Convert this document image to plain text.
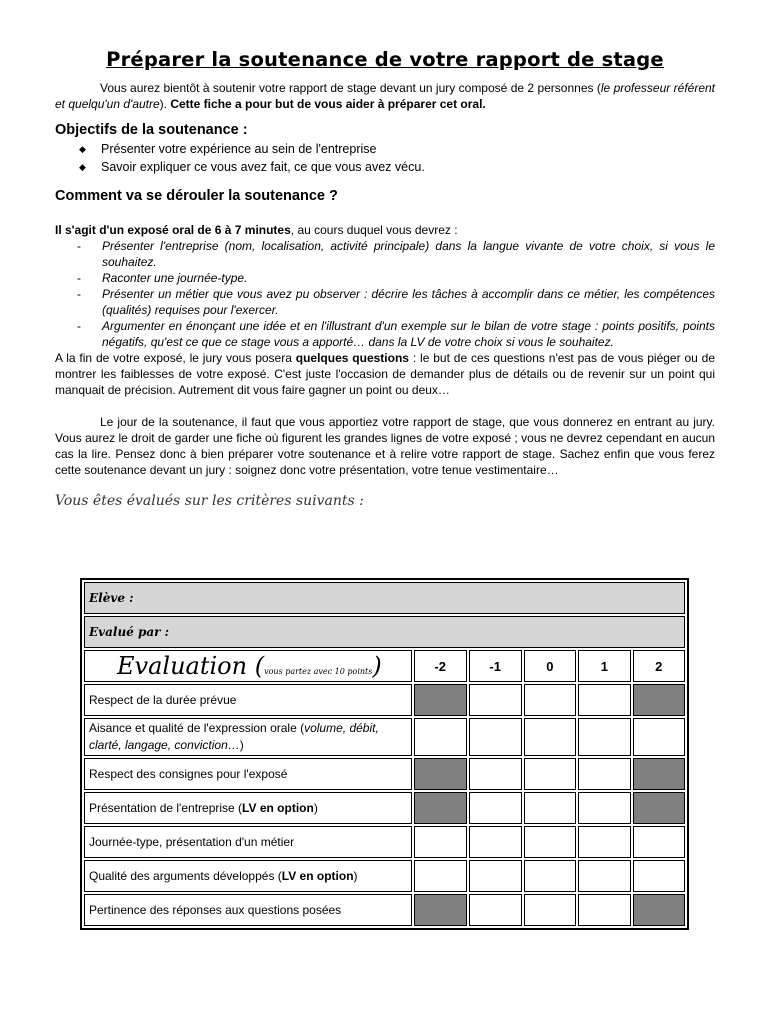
Préparer la soutenance de votre rapport de stage

Vous aurez bientôt à soutenir votre rapport de stage devant un jury composé de 2 personnes (le professeur référent et quelqu'un d'autre). Cette fiche a pour but de vous aider à préparer cet oral.

Objectifs de la soutenance :
◆ Présenter votre expérience au sein de l'entreprise
◆ Savoir expliquer ce vous avez fait, ce que vous avez vécu.
Comment va se dérouler la soutenance ?

Il s'agit d'un exposé oral de 6 à 7 minutes, au cours duquel vous devrez :

- Présenter l'entreprise (nom, localisation, activité principale) dans la langue vivante de votre choix, si vous le souhaitez.
- Raconter une journée-type.
- Présenter un métier que vous avez pu observer : décrire les tâches à accomplir dans ce métier, les compétences (qualités) requises pour l'exercer.
- Argumenter en énonçant une idée et en l'illustrant d'un exemple sur le bilan de votre stage : points positifs, points négatifs, qu'est ce que ce stage vous a apporté… dans la LV de votre choix si vous le souhaitez.

A la fin de votre exposé, le jury vous posera quelques questions : le but de ces questions n'est pas de vous piéger ou de montrer les faiblesses de votre exposé. C'est juste l'occasion de demander plus de détails ou de revenir sur un point qui manquait de précision. Autrement dit vous faire gagner un point ou deux…

Le jour de la soutenance, il faut que vous apportiez votre rapport de stage, que vous donnerez en entrant au jury. Vous aurez le droit de garder une fiche où figurent les grandes lignes de votre exposé ; vous ne devrez cependant en aucun cas la lire. Pensez donc à bien préparer votre soutenance et à relire votre rapport de stage. Sachez enfin que vous ferez cette soutenance devant un jury : soignez donc votre présentation, votre tenue vestimentaire…

Vous êtes évalués sur les critères suivants :

Elève :					
Evalué par :					
Evaluation (vous partez avec 10 points)	-2	-1	0	1	2
Respect de la durée prévue					
Aisance et qualité de l'expression orale (volume, débit, clarté, langage, conviction…)					
Respect des consignes pour l'exposé					
Présentation de l'entreprise (LV en option)					
Journée-type, présentation d'un métier					
Qualité des arguments développés (LV en option)					
Pertinence des réponses aux questions posées					
